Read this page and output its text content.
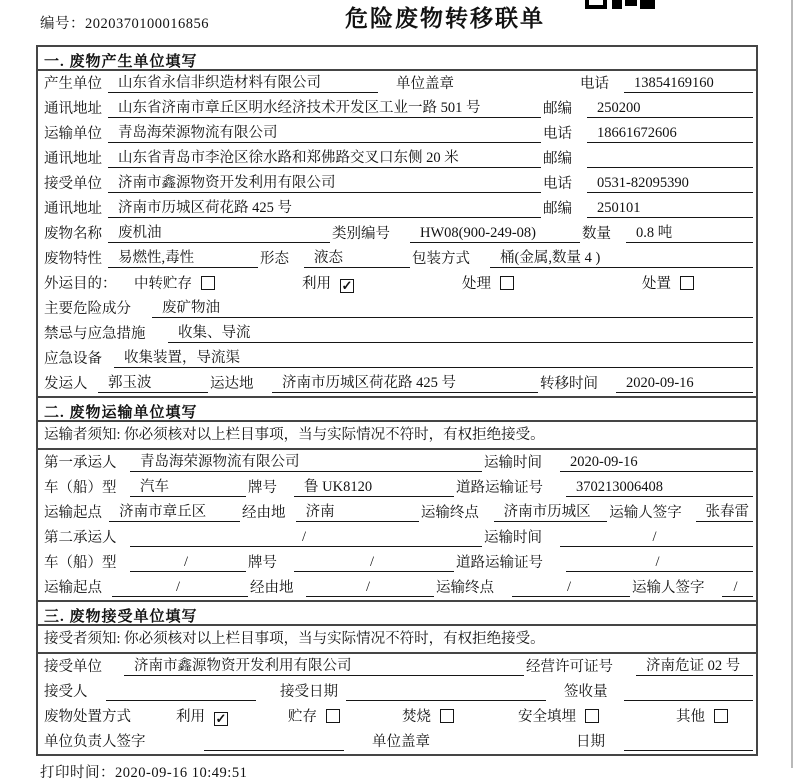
编号：2020370100016856	危险废物转移联单
一. 废物产生单位填写
产生单位	山东省永信非织造材料有限公司	单位盖章	电话	13854169160
通讯地址	山东省济南市章丘区明水经济技术开发区工业一路 501 号	邮编	250200
运输单位	青岛海荣源物流有限公司	电话	18661672606
通讯地址	山东省青岛市李沧区徐水路和郑佛路交叉口东侧 20 米	邮编
接受单位	济南市鑫源物资开发利用有限公司	电话	0531-82095390
通讯地址	济南市历城区荷花路 425 号	邮编	250101
废物名称	废机油	类别编号	HW08(900-249-08)	数量	0.8 吨
废物特性	易燃性,毒性	形态	液态	包装方式	桶(金属,数量 4 )
外运目的：	中转贮存	利用 ✓	处理	处置
主要危险成分	废矿物油
禁忌与应急措施	收集、导流
应急设备	收集装置，导流渠
发运人	郭玉波	运达地	济南市历城区荷花路 425 号	转移时间	2020-09-16
二. 废物运输单位填写
运输者须知: 你必须核对以上栏目事项，当与实际情况不符时，有权拒绝接受。
第一承运人	青岛海荣源物流有限公司	运输时间	2020-09-16
车（船）型	汽车	牌号	鲁 UK8120	道路运输证号	370213006408
运输起点	济南市章丘区	经由地	济南	运输终点	济南市历城区	运输人签字	张春雷
第二承运人	/	运输时间	/
车（船）型	/	牌号	/	道路运输证号	/
运输起点	/	经由地	/	运输终点	/	运输人签字	/
三. 废物接受单位填写
接受者须知: 你必须核对以上栏目事项，当与实际情况不符时，有权拒绝接受。
接受单位	济南市鑫源物资开发利用有限公司	经营许可证号	济南危证 02 号
接受人	接受日期	签收量
废物处置方式	利用 ✓	贮存	焚烧	安全填埋	其他
单位负责人签字	单位盖章	日期
打印时间：2020-09-16 10:49:51
